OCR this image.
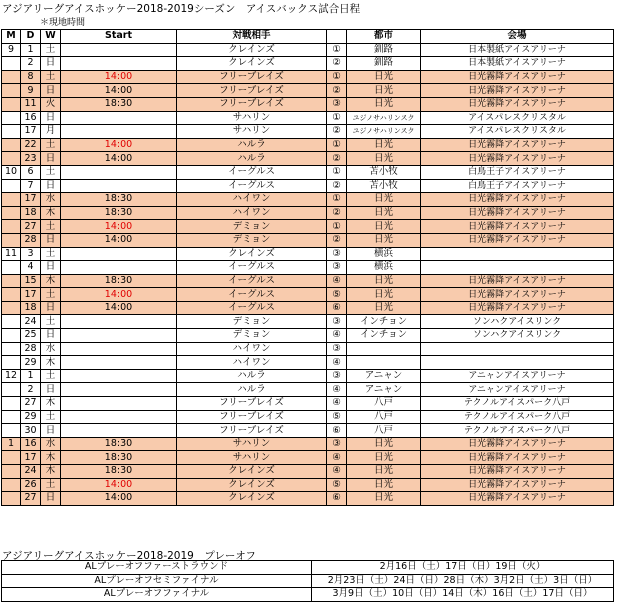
アジアリーグアイスホッケー2018-2019シーズン　アイスバックス試合日程
＊現地時間
M	D	W	Start	対戦相手		都市	会場
9	1	土		クレインズ	①	釧路	日本製紙アイスアリーナ
	2	日		クレインズ	②	釧路	日本製紙アイスアリーナ
	8	土	14:00	フリーブレイズ	①	日光	日光霧降アイスアリーナ
	9	日	14:00	フリーブレイズ	②	日光	日光霧降アイスアリーナ
	11	火	18:30	フリーブレイズ	③	日光	日光霧降アイスアリーナ
	16	日		サハリン	①	ユジノサハリンスク	アイスパレスクリスタル
	17	月		サハリン	②	ユジノサハリンスク	アイスパレスクリスタル
	22	土	14:00	ハルラ	①	日光	日光霧降アイスアリーナ
	23	日	14:00	ハルラ	②	日光	日光霧降アイスアリーナ
10	6	土		イーグルス	①	苫小牧	白鳥王子アイスアリーナ
	7	日		イーグルス	②	苫小牧	白鳥王子アイスアリーナ
	17	水	18:30	ハイワン	①	日光	日光霧降アイスアリーナ
	18	木	18:30	ハイワン	②	日光	日光霧降アイスアリーナ
	27	土	14:00	デミョン	①	日光	日光霧降アイスアリーナ
	28	日	14:00	デミョン	②	日光	日光霧降アイスアリーナ
11	3	土		クレインズ	③	横浜	
	4	日		イーグルス	③	横浜	
	15	木	18:30	イーグルス	④	日光	日光霧降アイスアリーナ
	17	土	14:00	イーグルス	⑤	日光	日光霧降アイスアリーナ
	18	日	14:00	イーグルス	⑥	日光	日光霧降アイスアリーナ
	24	土		デミョン	③	インチョン	ソンハクアイスリンク
	25	日		デミョン	④	インチョン	ソンハクアイスリンク
	28	水		ハイワン	③		
	29	木		ハイワン	④		
12	1	土		ハルラ	③	アニャン	アニャンアイスアリーナ
	2	日		ハルラ	④	アニャン	アニャンアイスアリーナ
	27	木		フリーブレイズ	④	八戸	テクノルアイスパーク八戸
	29	土		フリーブレイズ	⑤	八戸	テクノルアイスパーク八戸
	30	日		フリーブレイズ	⑥	八戸	テクノルアイスパーク八戸
1	16	水	18:30	サハリン	③	日光	日光霧降アイスアリーナ
	17	木	18:30	サハリン	④	日光	日光霧降アイスアリーナ
	24	木	18:30	クレインズ	④	日光	日光霧降アイスアリーナ
	26	土	14:00	クレインズ	⑤	日光	日光霧降アイスアリーナ
	27	日	14:00	クレインズ	⑥	日光	日光霧降アイスアリーナ
アジアリーグアイスホッケー2018-2019　プレーオフ
ALプレーオフファーストラウンド	2月16日（土）17日（日）19日（火）
ALプレーオフセミファイナル	2月23日（土）24日（日）28日（木）3月2日（土）3日（日）
ALプレーオフファイナル	3月9日（土）10日（日）14日（木）16日（土）17日（日）
